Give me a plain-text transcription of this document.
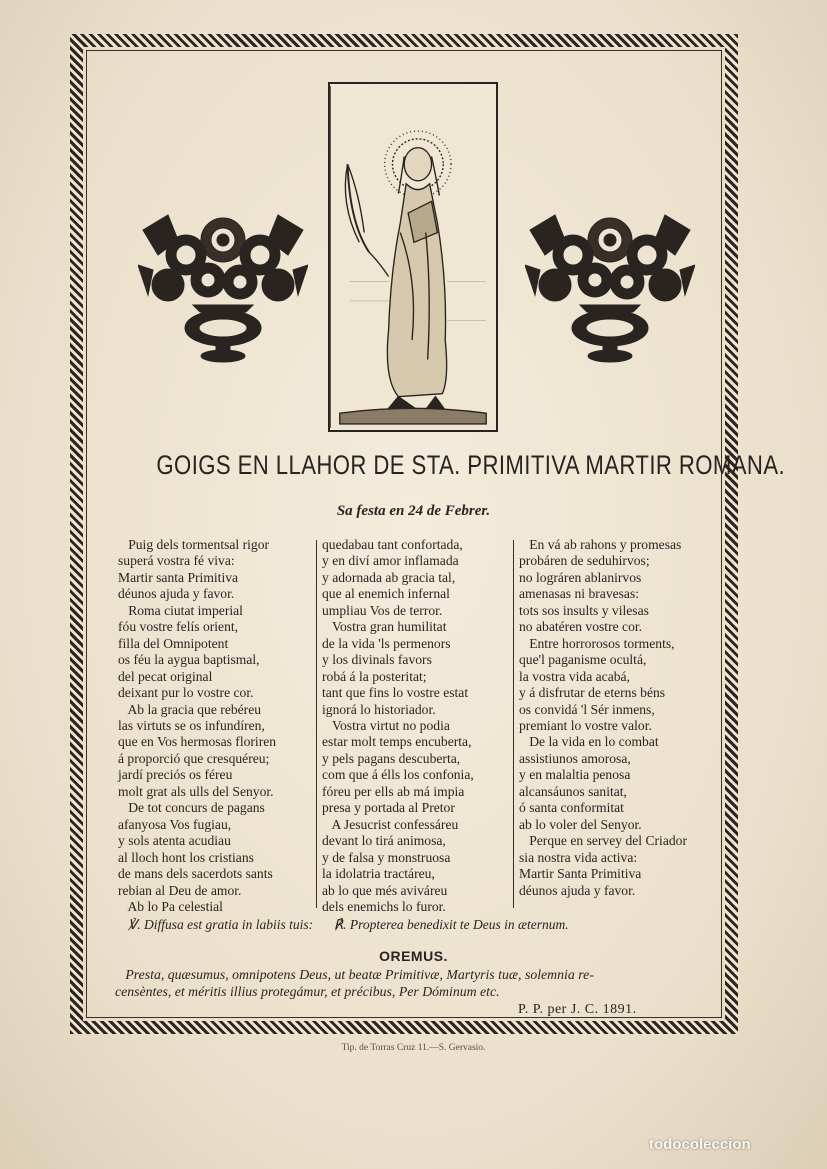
GOIGS EN LLAHOR DE STA. PRIMITIVA MARTIR ROMANA.
Sa festa en 24 de Febrer.
Puig dels tormentsal rigor
superá vostra fé viva:
Martir santa Primitiva
déunos ajuda y favor.
Roma ciutat imperial
fóu vostre felís orient,
filla del Omnipotent
os féu la aygua baptismal,
del pecat original
deixant pur lo vostre cor.
Ab la gracia que rebéreu
las virtuts se os infundíren,
que en Vos hermosas floriren
á proporció que cresquéreu;
jardí preciós os féreu
molt grat als ulls del Senyor.
De tot concurs de pagans
afanyosa Vos fugiau,
y sols atenta acudiau
al lloch hont los cristians
de mans dels sacerdots sants
rebian al Deu de amor.
Ab lo Pa celestial
quedabau tant confortada,
y en diví amor inflamada
y adornada ab gracia tal,
que al enemich infernal
umpliau Vos de terror.
Vostra gran humilitat
de la vida 'ls permenors
y los divinals favors
robá á la posteritat;
tant que fins lo vostre estat
ignorá lo historiador.
Vostra virtut no podia
estar molt temps encuberta,
y pels pagans descuberta,
com que á élls los confonia,
fóreu per ells ab má impia
presa y portada al Pretor
A Jesucrist confessáreu
devant lo tirá animosa,
y de falsa y monstruosa
la idolatria tractáreu,
ab lo que més aviváreu
dels enemichs lo furor.
En vá ab rahons y promesas
probáren de seduhirvos;
no lográren ablanirvos
amenasas ni bravesas:
tots sos insults y vilesas
no abatéren vostre cor.
Entre horrorosos torments,
que'l paganisme ocultá,
la vostra vida acabá,
y á disfrutar de eterns béns
os convidá 'l Sér inmens,
premiant lo vostre valor.
De la vida en lo combat
assistiunos amorosa,
y en malaltia penosa
alcansáunos sanitat,
ó santa conformitat
ab lo voler del Senyor.
Perque en servey del Criador
sia nostra vida activa:
Martir Santa Primitiva
déunos ajuda y favor.
℣. Diffusa est gratia in labiis tuis: ℟. Propterea benedixit te Deus in æternum.
OREMUS.
Presta, quæsumus, omnipotens Deus, ut beatæ Primitivæ, Martyris tuæ, solemnia re-
censèntes, et méritis illius protegámur, et précibus, Per Dóminum etc.
P. P. per J. C. 1891.
Tip. de Torras Cruz 11.—S. Gervasio.
todocoleccion
